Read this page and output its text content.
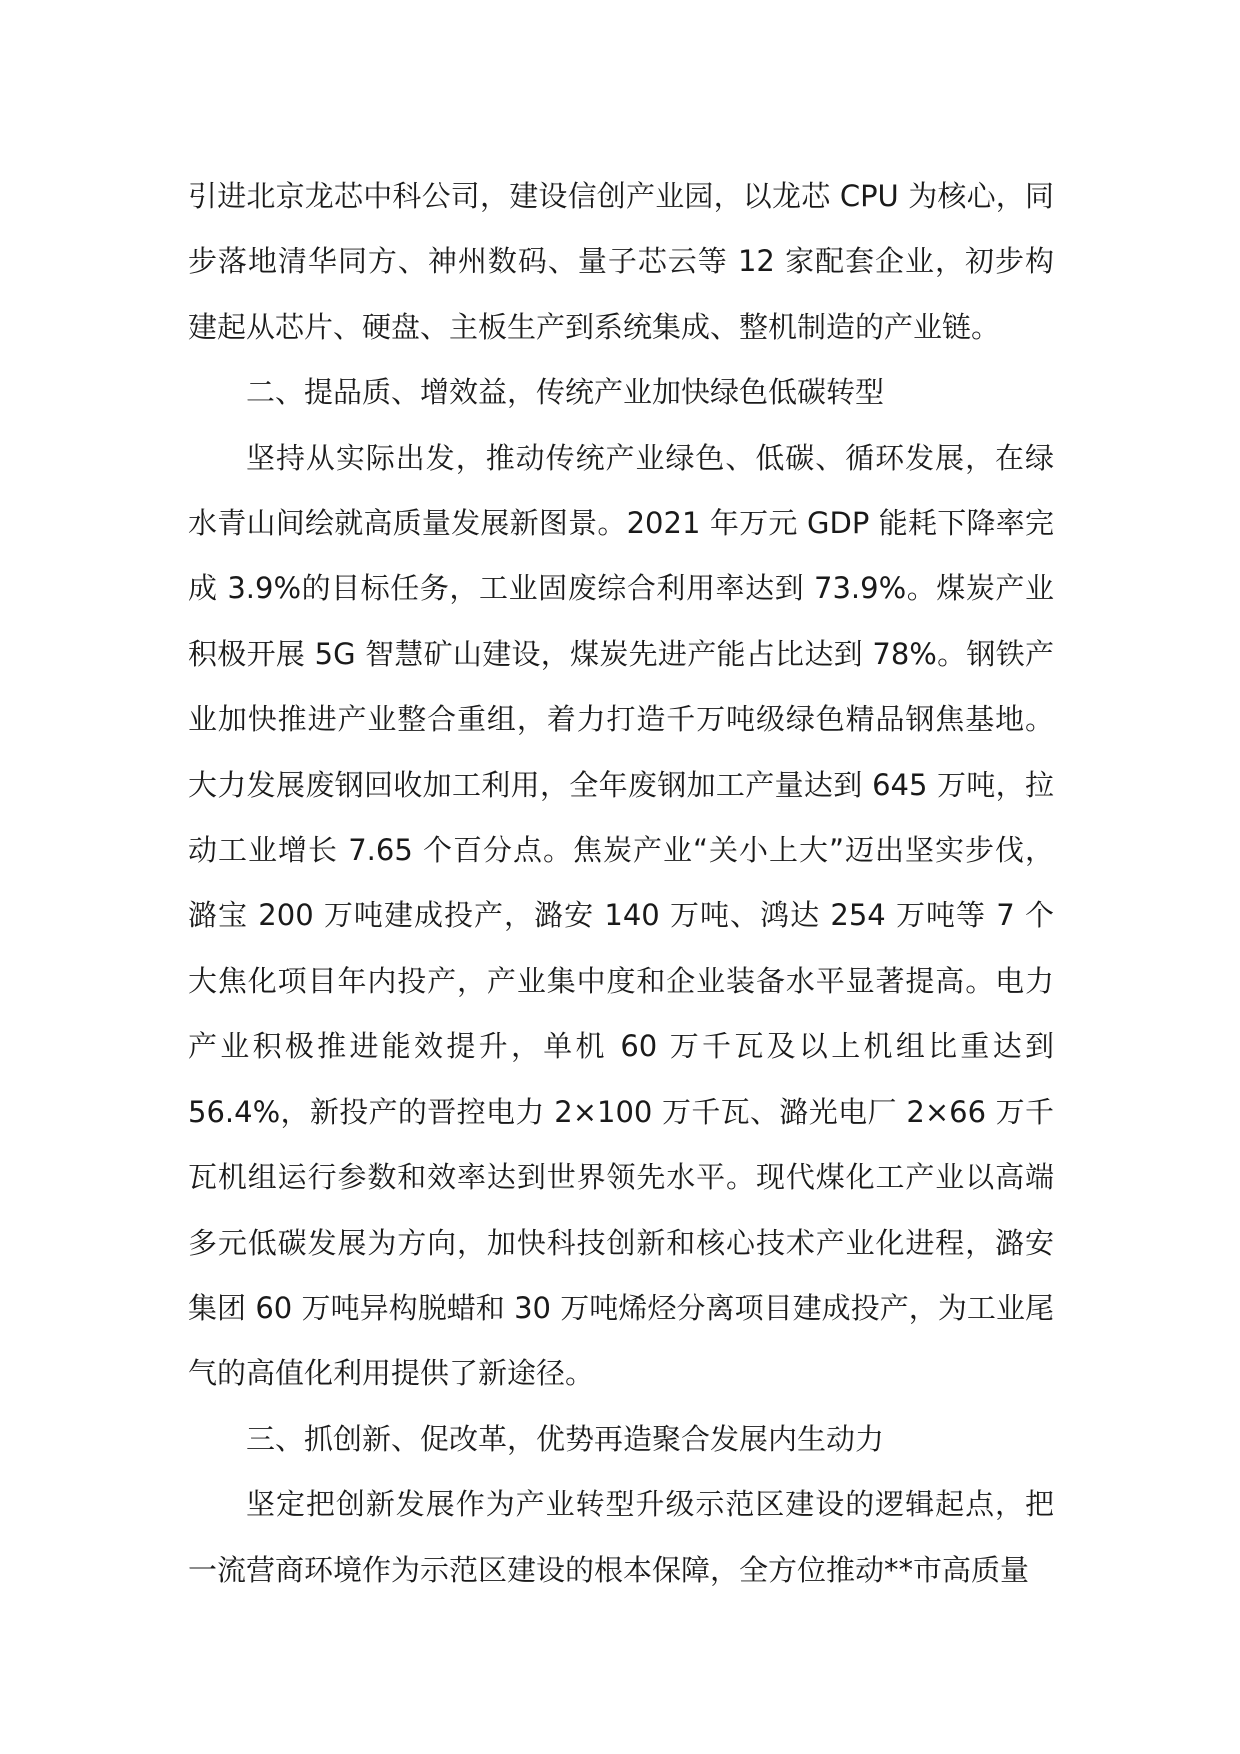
引进北京龙芯中科公司，建设信创产业园，以龙芯 CPU 为核心，同步落地清华同方、神州数码、量子芯云等 12 家配套企业，初步构建起从芯片、硬盘、主板生产到系统集成、整机制造的产业链。

二、提品质、增效益，传统产业加快绿色低碳转型

坚持从实际出发，推动传统产业绿色、低碳、循环发展，在绿水青山间绘就高质量发展新图景。2021 年万元 GDP 能耗下降率完成 3.9%的目标任务，工业固废综合利用率达到 73.9%。煤炭产业积极开展 5G 智慧矿山建设，煤炭先进产能占比达到 78%。钢铁产业加快推进产业整合重组，着力打造千万吨级绿色精品钢焦基地。大力发展废钢回收加工利用，全年废钢加工产量达到 645 万吨，拉动工业增长 7.65 个百分点。焦炭产业“关小上大”迈出坚实步伐，潞宝 200 万吨建成投产，潞安 140 万吨、鸿达 254 万吨等 7 个大焦化项目年内投产，产业集中度和企业装备水平显著提高。电力产业积极推进能效提升，单机 60 万千瓦及以上机组比重达到 56.4%，新投产的晋控电力 2×100 万千瓦、潞光电厂 2×66 万千瓦机组运行参数和效率达到世界领先水平。现代煤化工产业以高端多元低碳发展为方向，加快科技创新和核心技术产业化进程，潞安集团 60 万吨异构脱蜡和 30 万吨烯烃分离项目建成投产，为工业尾气的高值化利用提供了新途径。

三、抓创新、促改革，优势再造聚合发展内生动力

坚定把创新发展作为产业转型升级示范区建设的逻辑起点，把一流营商环境作为示范区建设的根本保障，全方位推动**市高质量
